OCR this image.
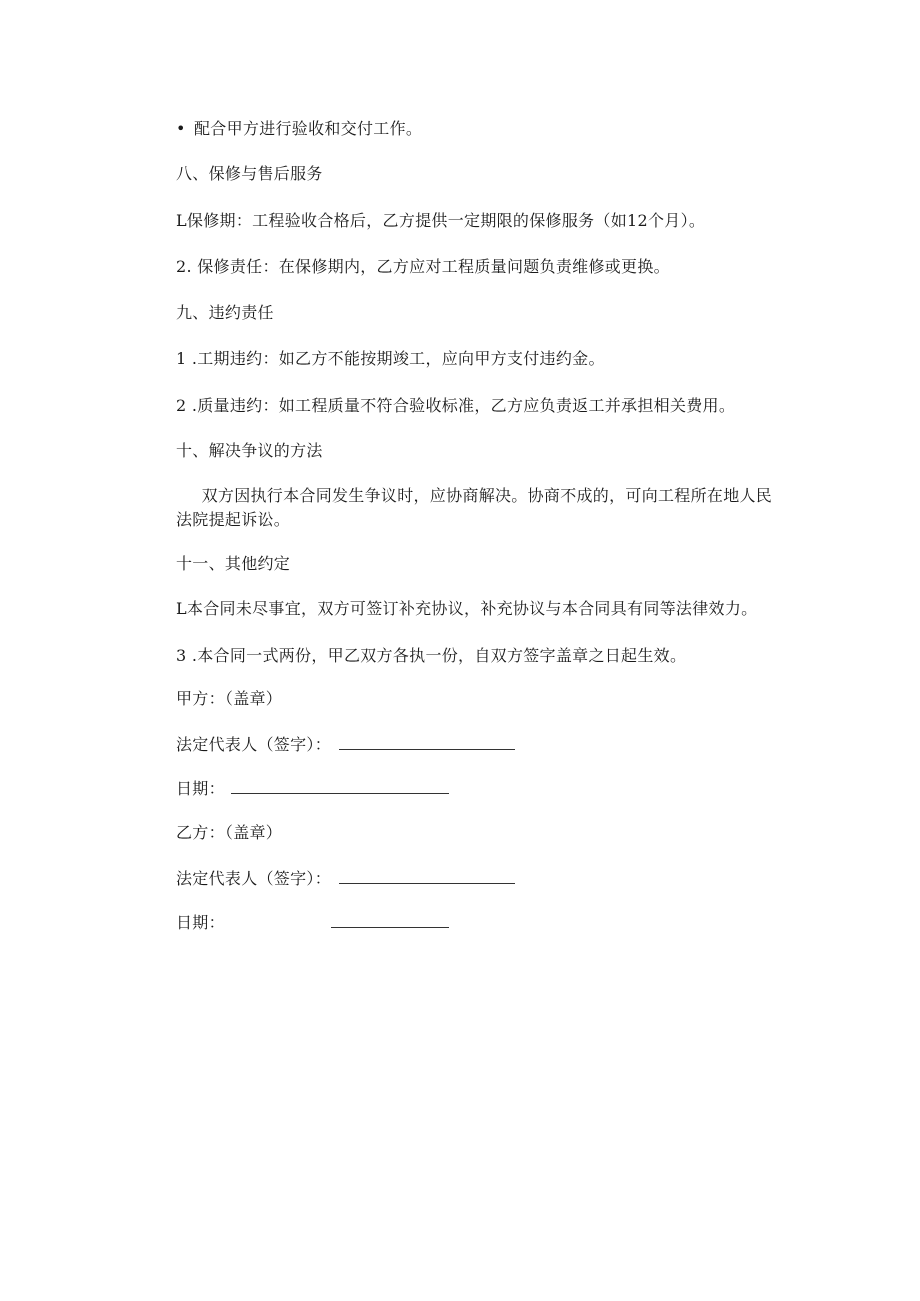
• 配合甲方进行验收和交付工作。
八、保修与售后服务
L保修期：工程验收合格后，乙方提供一定期限的保修服务（如12个月）。
2. 保修责任：在保修期内，乙方应对工程质量问题负责维修或更换。
九、违约责任
1 .工期违约：如乙方不能按期竣工，应向甲方支付违约金。
2 .质量违约：如工程质量不符合验收标准，乙方应负责返工并承担相关费用。
十、解决争议的方法
双方因执行本合同发生争议时，应协商解决。协商不成的，可向工程所在地人民法院提起诉讼。
十一、其他约定
L本合同未尽事宜，双方可签订补充协议，补充协议与本合同具有同等法律效力。
3 .本合同一式两份，甲乙双方各执一份，自双方签字盖章之日起生效。
甲方：（盖章）
法定代表人（签字）：
日期：
乙方：（盖章）
法定代表人（签字）：
日期：
